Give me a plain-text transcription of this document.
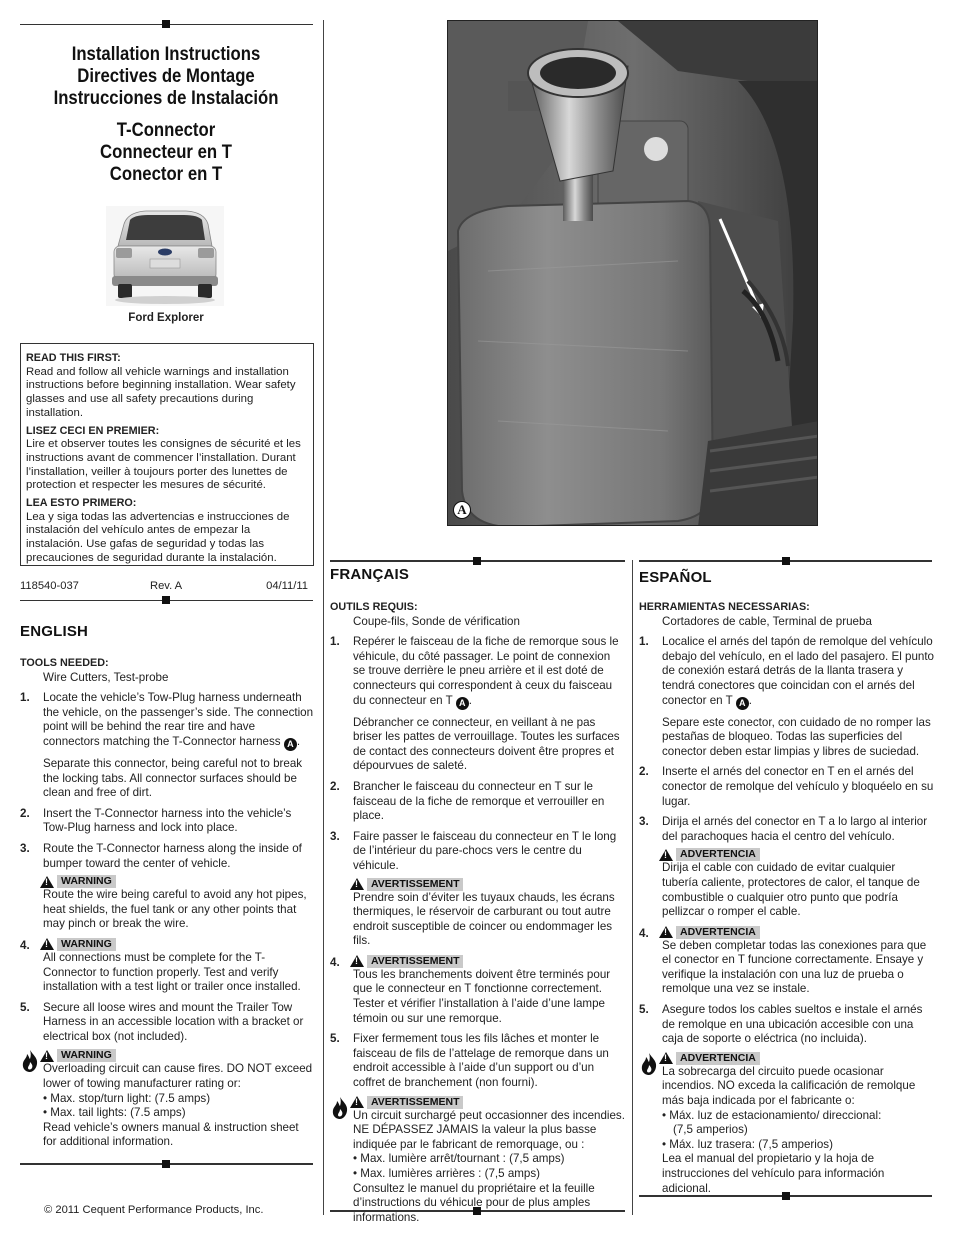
Installation Instructions
Directives de Montage
Instrucciones de Instalación
T-Connector
Connecteur en T
Conector en T
Ford Explorer

READ THIS FIRST:
Read and follow all vehicle warnings and installation instructions before beginning installation. Wear safety glasses and use all safety precautions during installation.

LISEZ CECI EN PREMIER:
Lire et observer toutes les consignes de sécurité et les instructions avant de commencer l’installation. Durant l’installation, veiller à toujours porter des lunettes de protection et respecter les mesures de sécurité.

LEA ESTO PRIMERO:
Lea y siga todas las advertencias e instrucciones de instalación del vehículo antes de empezar la instalación. Use gafas de seguridad y todas las precauciones de seguridad durante la instalación.

118540-037	Rev. A	04/11/11
A
ENGLISH
TOOLS NEEDED:
Wire Cutters, Test-probe
1. Locate the vehicle’s Tow-Plug harness underneath the vehicle, on the passenger’s side. The connection point will be behind the rear tire and have connectors matching the T-Connector harness A .
Separate this connector, being careful not to break the locking tabs. All connector surfaces should be clean and free of dirt.
2. Insert the T-Connector harness into the vehicle’s Tow-Plug harness and lock into place.
3. Route the T-Connector harness along the inside of bumper toward the center of vehicle.
!
WARNING
Route the wire being careful to avoid any hot pipes, heat shields, the fuel tank or any other points that may pinch or break the wire.
4. !	WARNING
All connections must be complete for the T-Connector to function properly. Test and verify installation with a test light or trailer once installed.
5. Secure all loose wires and mount the Trailer Tow Harness in an accessible location with a bracket or electrical box (not included).
!
WARNING
Overloading circuit can cause fires. DO NOT exceed lower of towing manufacturer rating or:
• Max. stop/turn light: (7.5 amps)
• Max. tail lights: (7.5 amps)
Read vehicle’s owners manual & instruction sheet for additional information.
FRANÇAIS
OUTILS REQUIS:
Coupe-fils, Sonde de vérification
1. Repérer le faisceau de la fiche de remorque sous le véhicule, du côté passager. Le point de connexion se trouve derrière le pneu arrière et il est doté de connecteurs qui correspondent à ceux du faisceau du connecteur en T A .
Débrancher ce connecteur, en veillant à ne pas briser les pattes de verrouillage. Toutes les surfaces de contact des connecteurs doivent être propres et dépourvues de saleté.
2. Brancher le faisceau du connecteur en T sur le faisceau de la fiche de remorque et verrouiller en place.
3. Faire passer le faisceau du connecteur en T le long de l’intérieur du pare-chocs vers le centre du véhicule.
!
AVERTISSEMENT
Prendre soin d’éviter les tuyaux chauds, les écrans thermiques, le réservoir de carburant ou tout autre endroit susceptible de coincer ou endommager les fils.
4. !	AVERTISSEMENT
Tous les branchements doivent être terminés pour que le connecteur en T fonctionne correctement. Tester et vérifier l’installation à l’aide d’une lampe témoin ou sur une remorque.
5. Fixer fermement tous les fils lâches et monter le faisceau de fils de l’attelage de remorque dans un endroit accessible à l’aide d’un support ou d’un coffret de branchement (non fourni).
!
AVERTISSEMENT
Un circuit surchargé peut occasionner des incendies. NE DÉPASSEZ JAMAIS la valeur la plus basse indiquée par le fabricant de remorquage, ou :
• Max. lumière arrêt/tournant : (7,5 amps)
• Max. lumières arrières : (7,5 amps)
Consultez le manuel du propriétaire et la feuille d’instructions du véhicule pour de plus amples informations.
ESPAÑOL
HERRAMIENTAS NECESSARIAS:
Cortadores de cable, Terminal de prueba
1. Localice el arnés del tapón de remolque del vehículo debajo del vehículo, en el lado del pasajero. El punto de conexión estará detrás de la llanta trasera y tendrá conectores que coincidan con el arnés del conector en T A .
Separe este conector, con cuidado de no romper las pestañas de bloqueo. Todas las superficies del conector deben estar limpias y libres de suciedad.
2. Inserte el arnés del conector en T en el arnés del conector de remolque del vehículo y bloquéelo en su lugar.
3. Dirija el arnés del conector en T a lo largo al interior del parachoques hacia el centro del vehículo.
!
ADVERTENCIA
Dirija el cable con cuidado de evitar cualquier tubería caliente, protectores de calor, el tanque de combustible o cualquier otro punto que podría pellizcar o romper el cable.
4. !	ADVERTENCIA
Se deben completar todas las conexiones para que el conector en T funcione correctamente. Ensaye y verifique la instalación con una luz de prueba o remolque una vez se instale.
5. Asegure todos los cables sueltos e instale el arnés de remolque en una ubicación accesible con una caja de soporte o eléctrica (no incluida).
!
ADVERTENCIA
La sobrecarga del circuito puede ocasionar incendios. NO exceda la calificación de remolque más baja indicada por el fabricante o:
• Máx. luz de estacionamiento/ direccional:
(7,5 amperios)
• Máx. luz trasera: (7,5 amperios)
Lea el manual del propietario y la hoja de instrucciones del vehículo para información adicional.
© 2011 Cequent Performance Products, Inc.
